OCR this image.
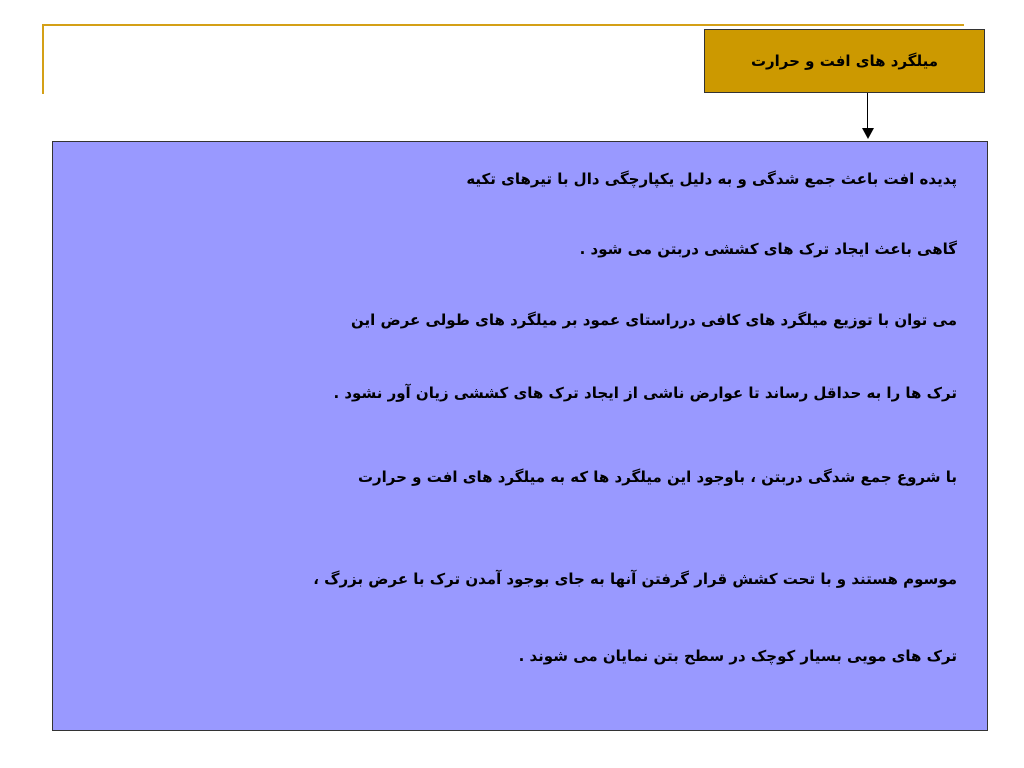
میلگرد های افت و حرارت
پدیده افت باعث جمع شدگی و به دلیل یکپارچگی دال با تیرهای تکیه
گاهی باعث ایجاد ترک های کششی دربتن می شود .
می توان با توزیع میلگرد های کافی درراستای عمود بر میلگرد های طولی عرض این
ترک ها را به حداقل رساند تا عوارض ناشی از ایجاد ترک های کششی زیان آور نشود .
با شروع جمع شدگی دربتن ، باوجود این میلگرد ها که به میلگرد های افت و حرارت
موسوم هستند و با تحت کشش قرار گرفتن آنها به جای بوجود آمدن ترک با عرض بزرگ ،
ترک های مویی بسیار کوچک در سطح بتن نمایان می شوند .
